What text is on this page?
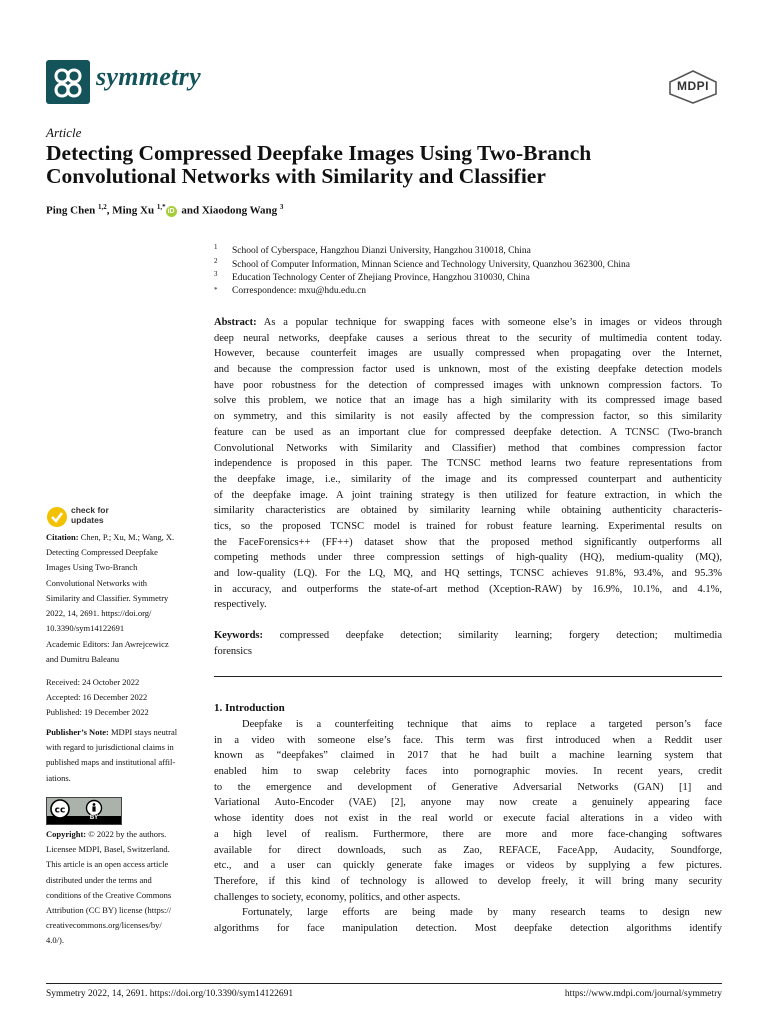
symmetry	MDPI
Article
Detecting Compressed Deepfake Images Using Two-Branch
Convolutional Networks with Similarity and Classifier
Ping Chen $^{1,2}$, Ming Xu $^{1,*}$iD and Xiaodong Wang $^3$
1 School of Cyberspace, Hangzhou Dianzi University, Hangzhou 310018, China
2 School of Computer Information, Minnan Science and Technology University, Quanzhou 362300, China
3 Education Technology Center of Zhejiang Province, Hangzhou 310030, China
* Correspondence: mxu@hdu.edu.cn
Abstract: As a popular technique for swapping faces with someone else’s in images or videos through
deep neural networks, deepfake causes a serious threat to the security of multimedia content today.
However, because counterfeit images are usually compressed when propagating over the Internet,
and because the compression factor used is unknown, most of the existing deepfake detection models
have poor robustness for the detection of compressed images with unknown compression factors. To
solve this problem, we notice that an image has a high similarity with its compressed image based
on symmetry, and this similarity is not easily affected by the compression factor, so this similarity
feature can be used as an important clue for compressed deepfake detection. A TCNSC (Two-branch
Convolutional Networks with Similarity and Classifier) method that combines compression factor
independence is proposed in this paper. The TCNSC method learns two feature representations from
the deepfake image, i.e., similarity of the image and its compressed counterpart and authenticity
of the deepfake image. A joint training strategy is then utilized for feature extraction, in which the
similarity characteristics are obtained by similarity learning while obtaining authenticity characteris-
tics, so the proposed TCNSC model is trained for robust feature learning. Experimental results on
the FaceForensics++ (FF++) dataset show that the proposed method significantly outperforms all
competing methods under three compression settings of high-quality (HQ), medium-quality (MQ),
and low-quality (LQ). For the LQ, MQ, and HQ settings, TCNSC achieves 91.8%, 93.4%, and 95.3%
in accuracy, and outperforms the state-of-art method (Xception-RAW) by 16.9%, 10.1%, and 4.1%,
respectively.
Keywords: compressed deepfake detection; similarity learning; forgery detection; multimedia
forensics
1. Introduction
Deepfake is a counterfeiting technique that aims to replace a targeted person’s face
in a video with someone else’s face. This term was first introduced when a Reddit user
known as “deepfakes” claimed in 2017 that he had built a machine learning system that
enabled him to swap celebrity faces into pornographic movies. In recent years, credit
to the emergence and development of Generative Adversarial Networks (GAN) [1] and
Variational Auto-Encoder (VAE) [2], anyone may now create a genuinely appearing face
whose identity does not exist in the real world or execute facial alterations in a video with
a high level of realism. Furthermore, there are more and more face-changing softwares
available for direct downloads, such as Zao, REFACE, FaceApp, Audacity, Soundforge,
etc., and a user can quickly generate fake images or videos by supplying a few pictures.
Therefore, if this kind of technology is allowed to develop freely, it will bring many security
challenges to society, economy, politics, and other aspects.
Fortunately, large efforts are being made by many research teams to design new
algorithms for face manipulation detection. Most deepfake detection algorithms identify
check for updates
Citation: Chen, P.; Xu, M.; Wang, X.
Detecting Compressed Deepfake
Images Using Two-Branch
Convolutional Networks with
Similarity and Classifier. Symmetry
2022, 14, 2691. https://doi.org/
10.3390/sym14122691
Academic Editors: Jan Awrejcewicz
and Dumitru Baleanu
Received: 24 October 2022
Accepted: 16 December 2022
Published: 19 December 2022
Publisher’s Note: MDPI stays neutral
with regard to jurisdictional claims in
published maps and institutional affil-
iations.
cc
BY
Copyright: © 2022 by the authors.
Licensee MDPI, Basel, Switzerland.
This article is an open access article
distributed under the terms and
conditions of the Creative Commons
Attribution (CC BY) license (https://
creativecommons.org/licenses/by/
4.0/).
Symmetry 2022, 14, 2691. https://doi.org/10.3390/sym14122691	https://www.mdpi.com/journal/symmetry
